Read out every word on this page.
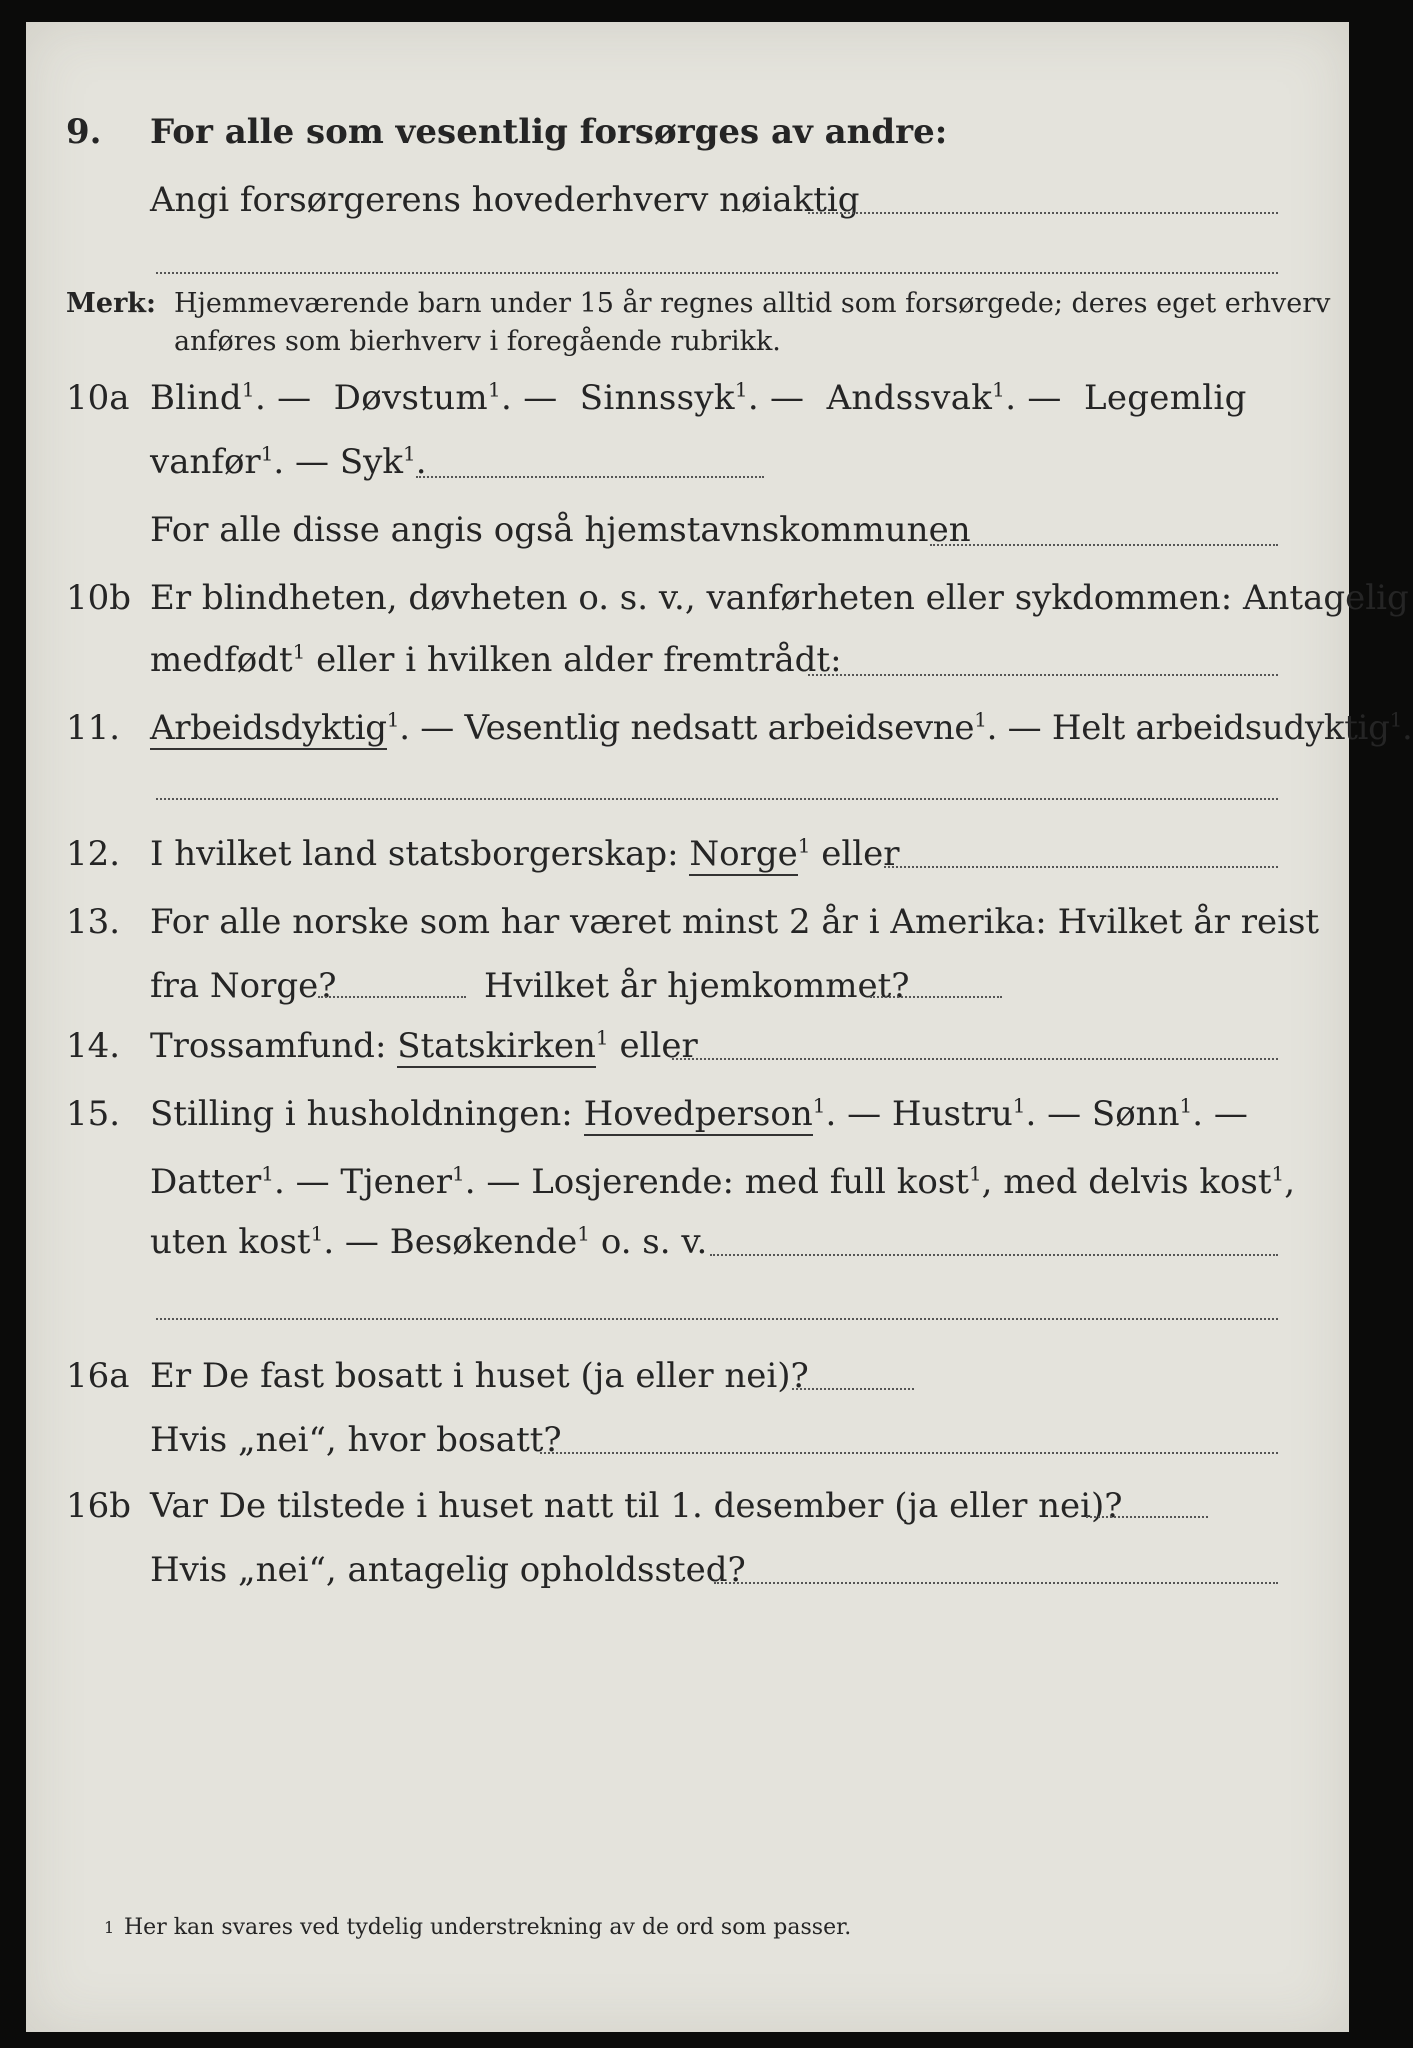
9. For alle som vesentlig forsørges av andre:
Angi forsørgerens hovederhverv nøiaktig
Merk: Hjemmeværende barn under 15 år regnes alltid som forsørgede; deres eget erhverv
anføres som bierhverv i foregående rubrikk.
10a Blind$^1$. —  Døvstum$^1$. —  Sinnssyk$^1$. —  Andssvak$^1$. —  Legemlig
vanfør$^1$. — Syk$^1$.
For alle disse angis også hjemstavnskommunen
10b Er blindheten, døvheten o. s. v., vanførheten eller sykdommen: Antagelig
medfødt$^1$ eller i hvilken alder fremtrådt:
11. Arbeidsdyktig$^1$. — Vesentlig nedsatt arbeidsevne$^1$. — Helt arbeidsudyktig$^1$.
12. I hvilket land statsborgerskap: Norge$^1$ eller
13. For alle norske som har været minst 2 år i Amerika: Hvilket år reist
fra Norge?	Hvilket år hjemkommet?
14. Trossamfund: Statskirken$^1$ eller
15. Stilling i husholdningen: Hovedperson$^1$. — Hustru$^1$. — Sønn$^1$. —
Datter$^1$. — Tjener$^1$. — Losjerende: med full kost$^1$, med delvis kost$^1$,
uten kost$^1$. — Besøkende$^1$ o. s. v.
16a Er De fast bosatt i huset (ja eller nei)?
Hvis „nei“, hvor bosatt?
16b Var De tilstede i huset natt til 1. desember (ja eller nei)?
Hvis „nei“, antagelig opholdssted?
1 Her kan svares ved tydelig understrekning av de ord som passer.
